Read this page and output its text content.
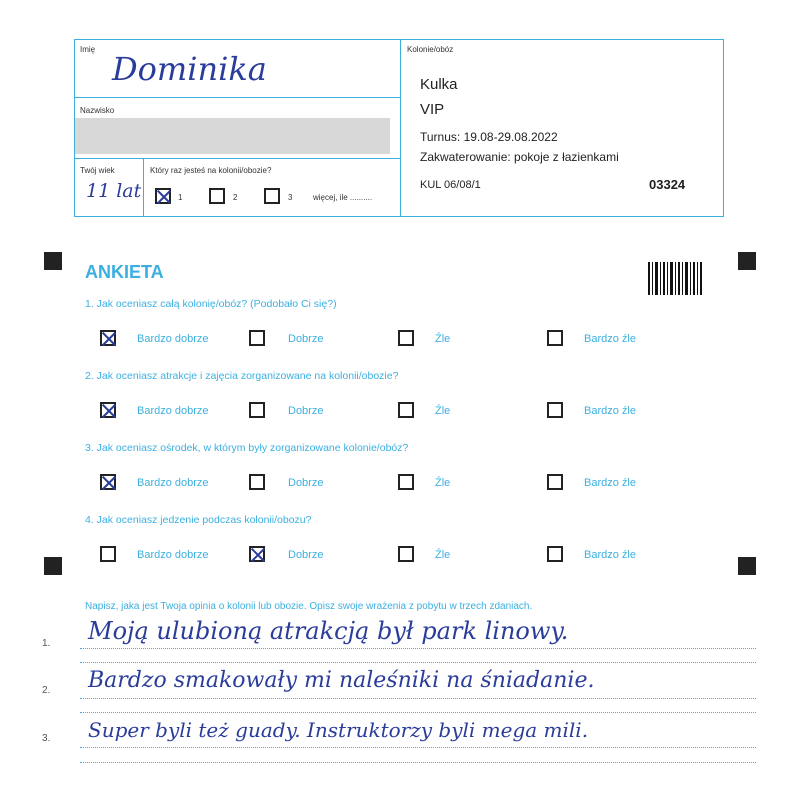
Imię
Dominika
Nazwisko
Twój wiek
11 lat
Który raz jesteś na kolonii/obozie?
1	2	3	więcej, ile ..........
Kolonie/obóz
Kulka
VIP
Turnus: 19.08-29.08.2022
Zakwaterowanie: pokoje z łazienkami
KUL 06/08/1	03324
ANKIETA
1. Jak oceniasz całą kolonię/obóz? (Podobało Ci się?)
Bardzo dobrze	Dobrze	Źle	Bardzo źle
2. Jak oceniasz atrakcje i zajęcia zorganizowane na kolonii/obozie?
Bardzo dobrze	Dobrze	Źle	Bardzo źle
3. Jak oceniasz ośrodek, w którym były zorganizowane kolonie/obóz?
Bardzo dobrze	Dobrze	Źle	Bardzo źle
4. Jak oceniasz jedzenie podczas kolonii/obozu?
Bardzo dobrze	Dobrze	Źle	Bardzo źle
Napisz, jaka jest Twoja opinia o kolonii lub obozie. Opisz swoje wrażenia z pobytu w trzech zdaniach.
1. Moją ulubioną atrakcją był park linowy.
2. Bardzo smakowały mi naleśniki na śniadanie.
3. Super byli też guady. Instruktorzy byli mega mili.
